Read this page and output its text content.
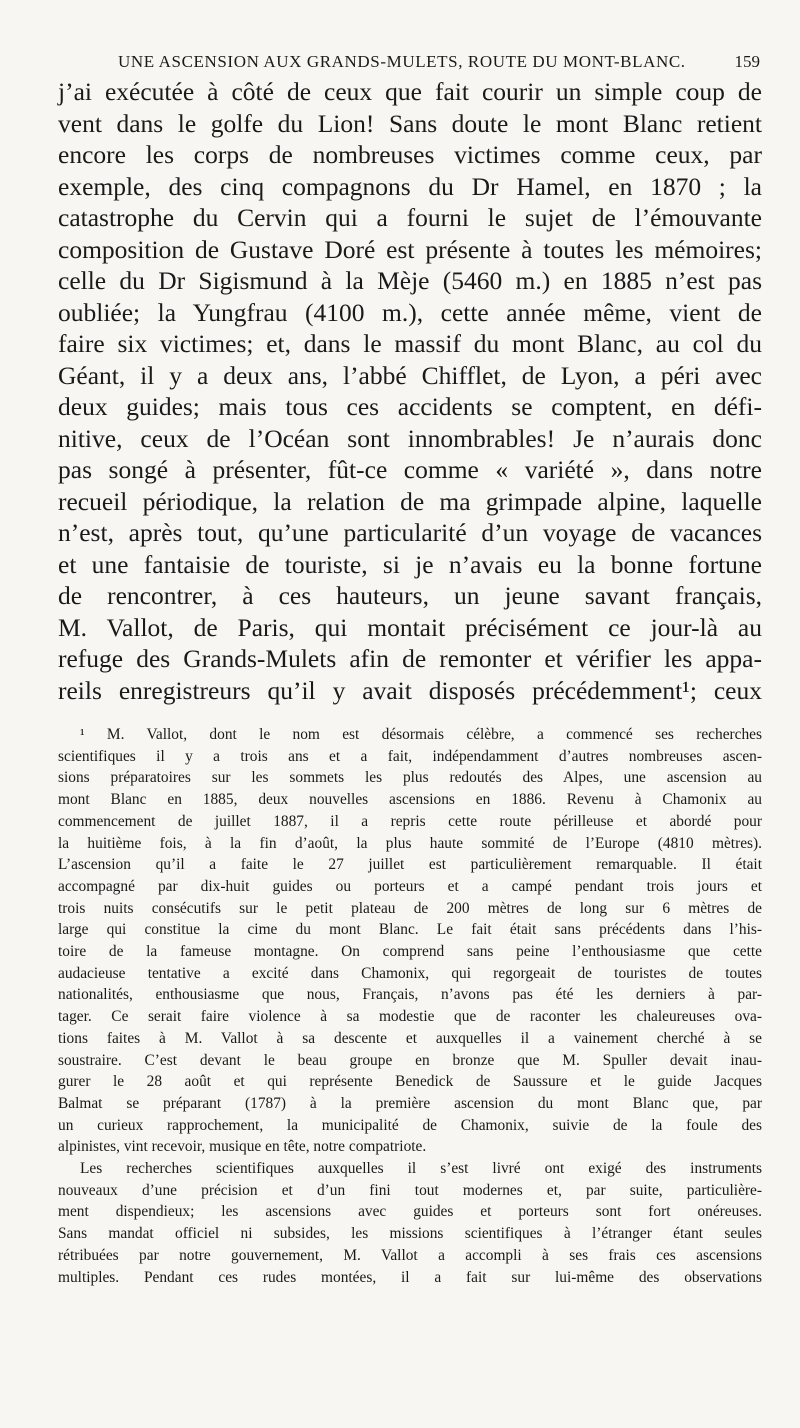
UNE ASCENSION AUX GRANDS-MULETS, ROUTE DU MONT-BLANC.	159
j’ai exécutée à côté de ceux que fait courir un simple coup de
vent dans le golfe du Lion! Sans doute le mont Blanc retient
encore les corps de nombreuses victimes comme ceux, par
exemple, des cinq compagnons du Dr Hamel, en 1870 ; la
catastrophe du Cervin qui a fourni le sujet de l’émouvante
composition de Gustave Doré est présente à toutes les mémoires;
celle du Dr Sigismund à la Mèje (5460 m.) en 1885 n’est pas
oubliée; la Yungfrau (4100 m.), cette année même, vient de
faire six victimes; et, dans le massif du mont Blanc, au col du
Géant, il y a deux ans, l’abbé Chifflet, de Lyon, a péri avec
deux guides; mais tous ces accidents se comptent, en défi-
nitive, ceux de l’Océan sont innombrables! Je n’aurais donc
pas songé à présenter, fût-ce comme « variété », dans notre
recueil périodique, la relation de ma grimpade alpine, laquelle
n’est, après tout, qu’une particularité d’un voyage de vacances
et une fantaisie de touriste, si je n’avais eu la bonne fortune
de rencontrer, à ces hauteurs, un jeune savant français,
M. Vallot, de Paris, qui montait précisément ce jour-là au
refuge des Grands-Mulets afin de remonter et vérifier les appa-
reils enregistreurs qu’il y avait disposés précédemment¹; ceux
¹ M. Vallot, dont le nom est désormais célèbre, a commencé ses recherches
scientifiques il y a trois ans et a fait, indépendamment d’autres nombreuses ascen-
sions préparatoires sur les sommets les plus redoutés des Alpes, une ascension au
mont Blanc en 1885, deux nouvelles ascensions en 1886. Revenu à Chamonix au
commencement de juillet 1887, il a repris cette route périlleuse et abordé pour
la huitième fois, à la fin d’août, la plus haute sommité de l’Europe (4810 mètres).
L’ascension qu’il a faite le 27 juillet est particulièrement remarquable. Il était
accompagné par dix-huit guides ou porteurs et a campé pendant trois jours et
trois nuits consécutifs sur le petit plateau de 200 mètres de long sur 6 mètres de
large qui constitue la cime du mont Blanc. Le fait était sans précédents dans l’his-
toire de la fameuse montagne. On comprend sans peine l’enthousiasme que cette
audacieuse tentative a excité dans Chamonix, qui regorgeait de touristes de toutes
nationalités, enthousiasme que nous, Français, n’avons pas été les derniers à par-
tager. Ce serait faire violence à sa modestie que de raconter les chaleureuses ova-
tions faites à M. Vallot à sa descente et auxquelles il a vainement cherché à se
soustraire. C’est devant le beau groupe en bronze que M. Spuller devait inau-
gurer le 28 août et qui représente Benedick de Saussure et le guide Jacques
Balmat se préparant (1787) à la première ascension du mont Blanc que, par
un curieux rapprochement, la municipalité de Chamonix, suivie de la foule des
alpinistes, vint recevoir, musique en tête, notre compatriote.
Les recherches scientifiques auxquelles il s’est livré ont exigé des instruments
nouveaux d’une précision et d’un fini tout modernes et, par suite, particulière-
ment dispendieux; les ascensions avec guides et porteurs sont fort onéreuses.
Sans mandat officiel ni subsides, les missions scientifiques à l’étranger étant seules
rétribuées par notre gouvernement, M. Vallot a accompli à ses frais ces ascensions
multiples. Pendant ces rudes montées, il a fait sur lui-même des observations
